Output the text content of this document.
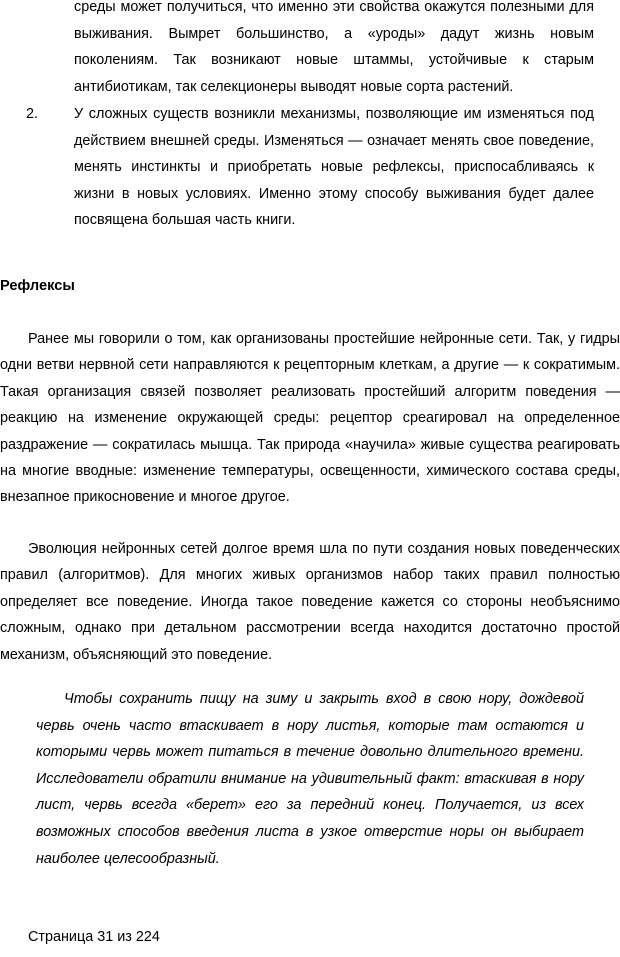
среды может получиться, что именно эти свойства окажутся полезными для выживания. Вымрет большинство, а «уроды» дадут жизнь новым поколениям. Так возникают новые штаммы, устойчивые к старым антибиотикам, так селекционеры выводят новые сорта растений.

2. У сложных существ возникли механизмы, позволяющие им изменяться под действием внешней среды. Изменяться — означает менять свое поведение, менять инстинкты и приобретать новые рефлексы, приспосабливаясь к жизни в новых условиях. Именно этому способу выживания будет далее посвящена большая часть книги.

Рефлексы

Ранее мы говорили о том, как организованы простейшие нейронные сети. Так, у гидры одни ветви нервной сети направляются к рецепторным клеткам, а другие — к сократимым. Такая организация связей позволяет реализовать простейший алгоритм поведения — реакцию на изменение окружающей среды: рецептор среагировал на определенное раздражение — сократилась мышца. Так природа «научила» живые существа реагировать на многие вводные: изменение температуры, освещенности, химического состава среды, внезапное прикосновение и многое другое.

Эволюция нейронных сетей долгое время шла по пути создания новых поведенческих правил (алгоритмов). Для многих живых организмов набор таких правил полностью определяет все поведение. Иногда такое поведение кажется со стороны необъяснимо сложным, однако при детальном рассмотрении всегда находится достаточно простой механизм, объясняющий это поведение.

Чтобы сохранить пищу на зиму и закрыть вход в свою нору, дождевой червь очень часто втаскивает в нору листья, которые там остаются и которыми червь может питаться в течение довольно длительного времени. Исследователи обратили внимание на удивительный факт: втаскивая в нору лист, червь всегда «берет» его за передний конец. Получается, из всех возможных способов введения листа в узкое отверстие норы он выбирает наиболее целесообразный.

Страница 31 из 224
